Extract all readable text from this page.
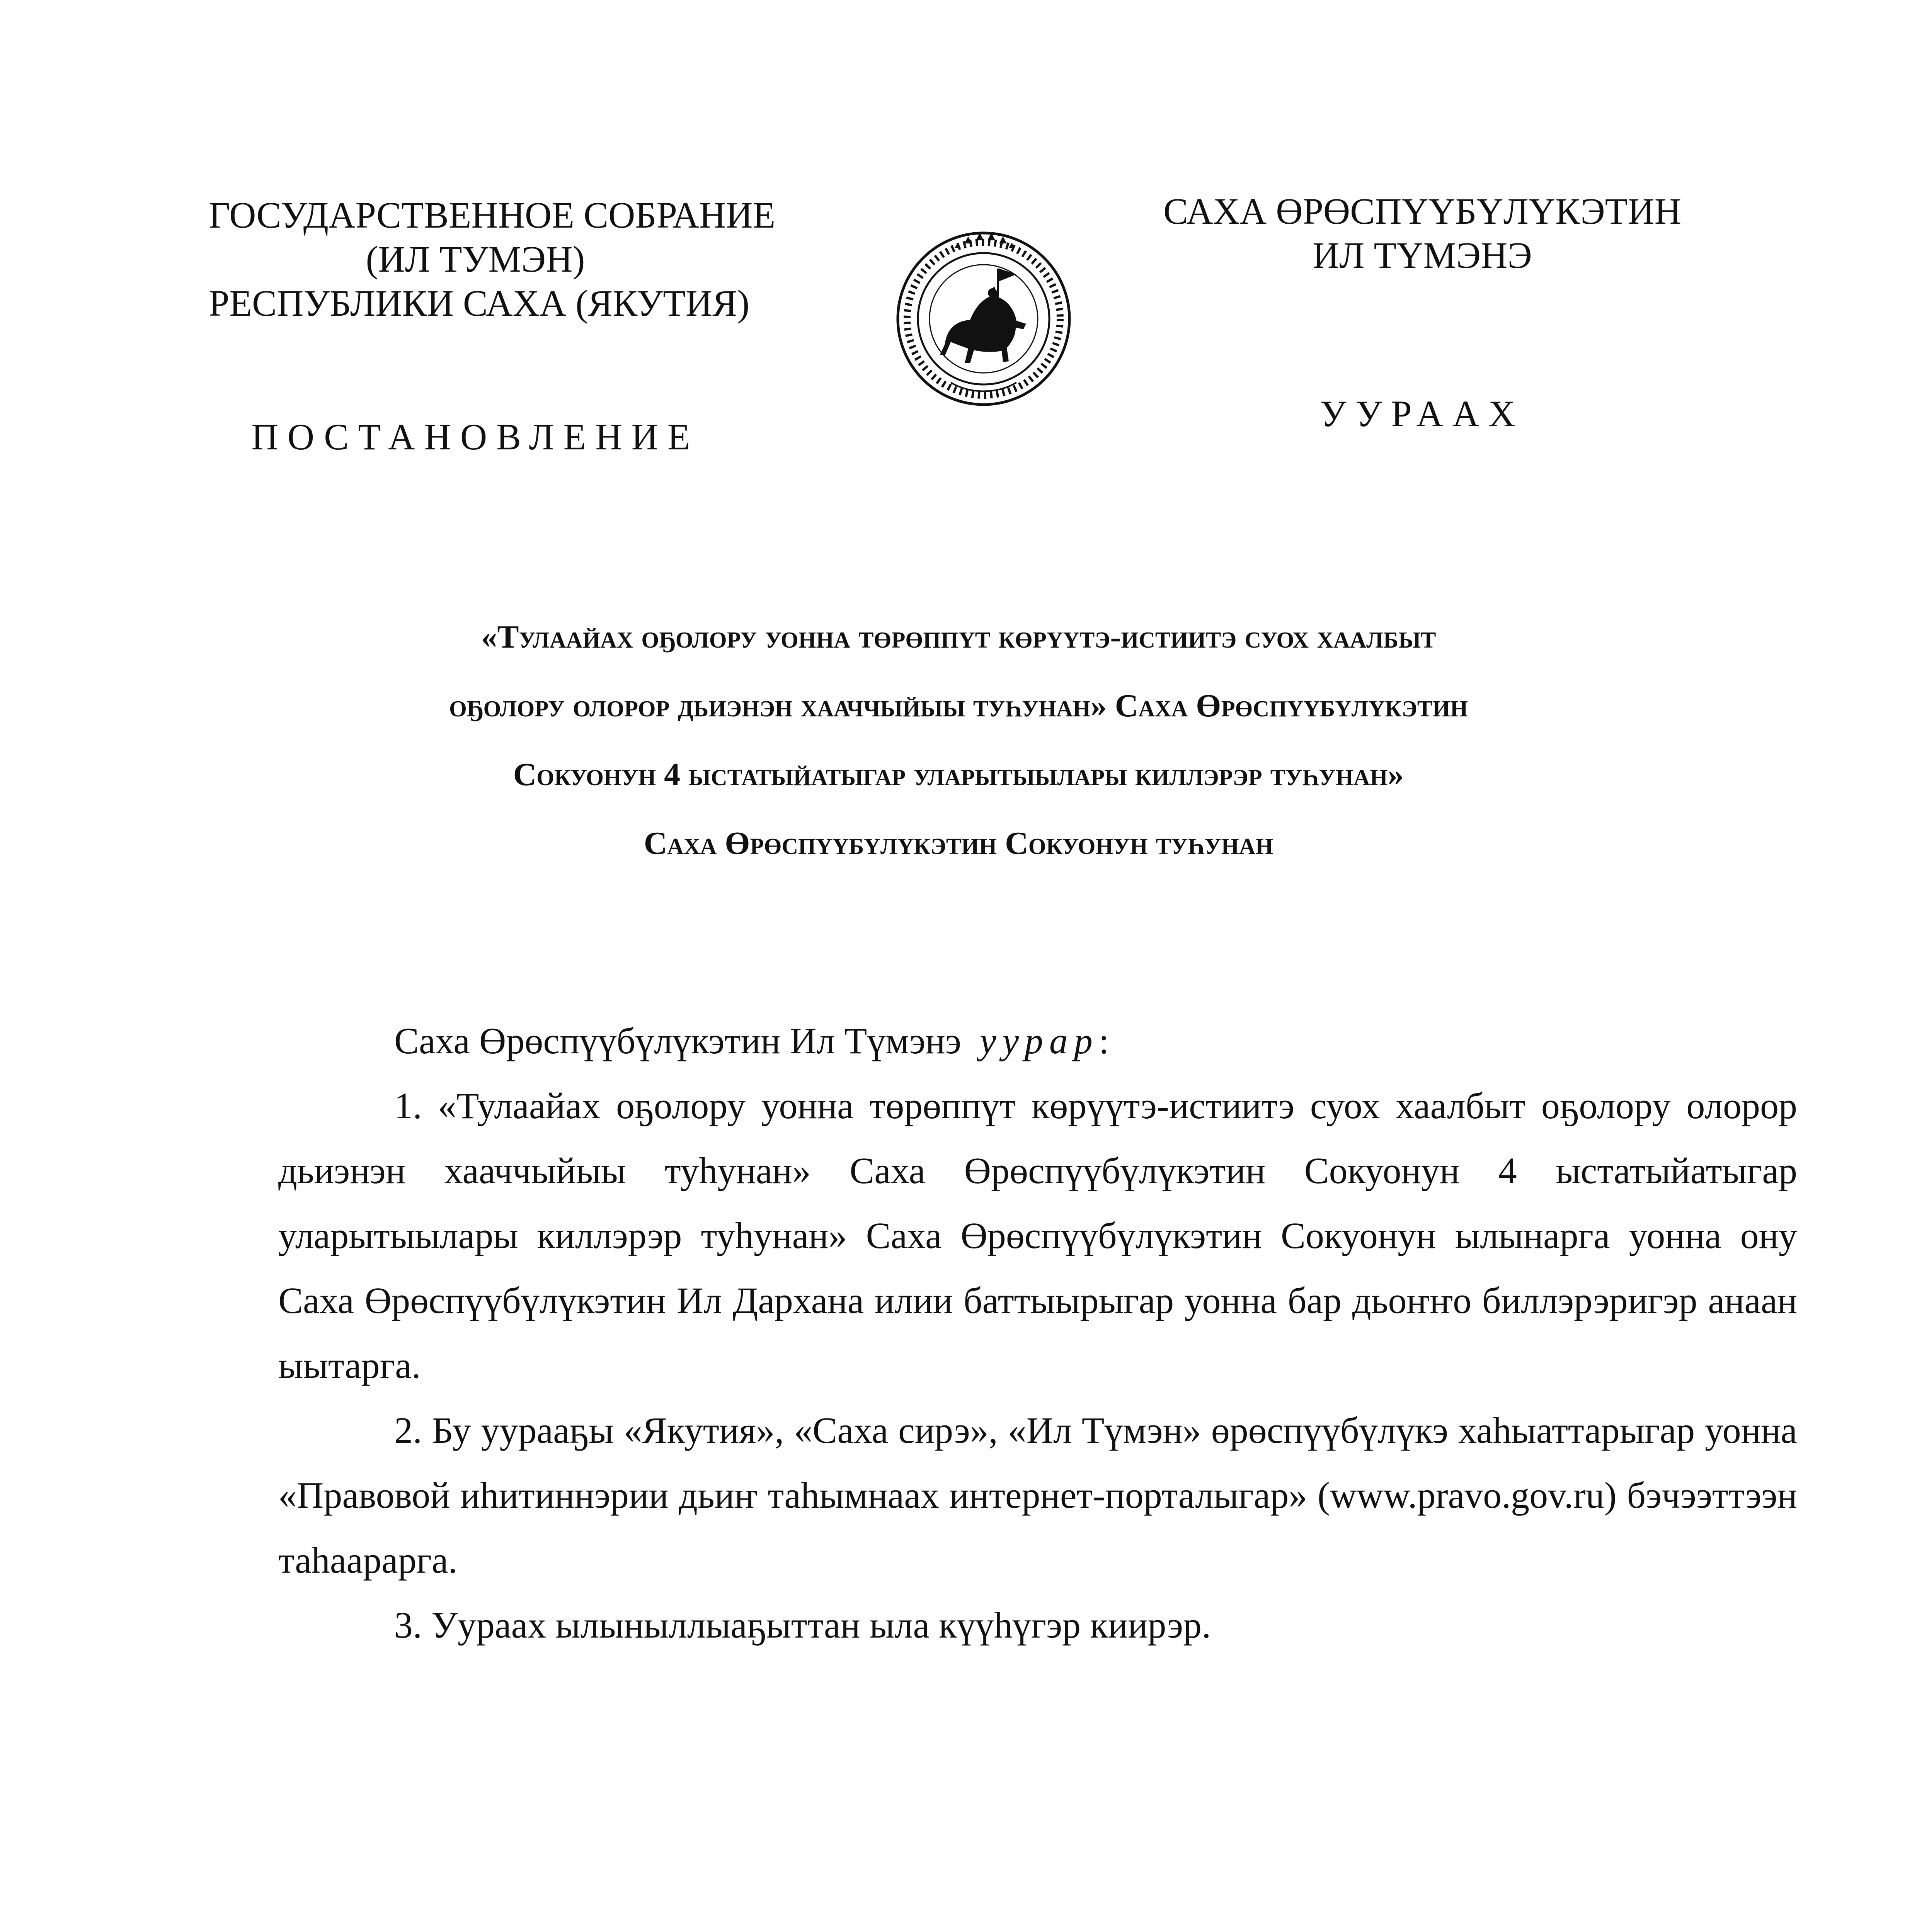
ГОСУДАРСТВЕННОЕ СОБРАНИЕ
(ИЛ ТУМЭН)
РЕСПУБЛИКИ САХА (ЯКУТИЯ)
САХА ӨРӨСПҮҮБҮЛҮКЭТИН
ИЛ ТҮМЭНЭ
ПОСТАНОВЛЕНИЕ
УУРААХ
«Тулаайах оҕолору уонна төрөппүт көрүүтэ-истиитэ суох хаалбыт
оҕолору олорор дьиэнэн хааччыйыы туһунан» Саха Өрөспүүбүлүкэтин
Сокуонун 4 ыстатыйатыгар уларытыылары киллэрэр туһунан»
Саха Өрөспүүбүлүкэтин Сокуонун туһунан

Саха Өрөспүүбүлүкэтин Ил Түмэнэ уурар:

1. «Тулаайах оҕолору уонна төрөппүт көрүүтэ-истиитэ суох хаалбыт оҕолору олорор дьиэнэн хааччыйыы туһунан» Саха Өрөспүүбүлүкэтин Сокуонун 4 ыстатыйатыгар уларытыылары киллэрэр туһунан» Саха Өрөспүүбүлүкэтин Сокуонун ылынарга уонна ону Саха Өрөспүүбүлүкэтин Ил Дархана илии баттыырыгар уонна бар дьоҥҥо биллэрэригэр анаан ыытарга.

2. Бу уурааҕы «Якутия», «Саха сирэ», «Ил Түмэн» өрөспүүбүлүкэ хаһыаттарыгар уонна «Правовой иһитиннэрии дьиҥ таһымнаах интернет-порталыгар» (www.pravo.gov.ru) бэчээттээн таһаарарга.

3. Уураах ылыныллыаҕыттан ыла күүһүгэр киирэр.
